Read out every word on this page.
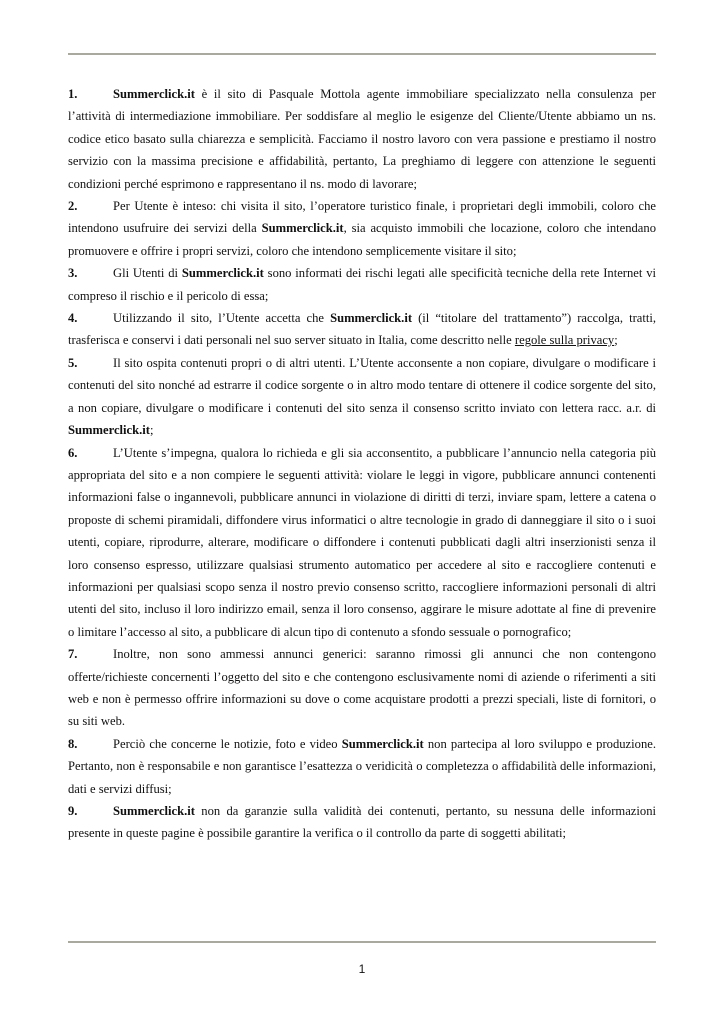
1.	Summerclick.it è il sito di Pasquale Mottola agente immobiliare specializzato nella consulenza per l’attività di intermediazione immobiliare. Per soddisfare al meglio le esigenze del Cliente/Utente abbiamo un ns. codice etico basato sulla chiarezza e semplicità. Facciamo il nostro lavoro con vera passione e prestiamo il nostro servizio con la massima precisione e affidabilità, pertanto, La preghiamo di leggere con attenzione le seguenti condizioni perché esprimono e rappresentano il ns. modo di lavorare;

2.	Per Utente è inteso: chi visita il sito, l’operatore turistico finale, i proprietari degli immobili, coloro che intendono usufruire dei servizi della Summerclick.it, sia acquisto immobili che locazione, coloro che intendano promuovere e offrire i propri servizi, coloro che intendono semplicemente visitare il sito;

3.	Gli Utenti di Summerclick.it sono informati dei rischi legati alle specificità tecniche della rete Internet vi compreso il rischio e il pericolo di essa;

4.	Utilizzando il sito, l’Utente accetta che Summerclick.it (il “titolare del trattamento”) raccolga, tratti, trasferisca e conservi i dati personali nel suo server situato in Italia, come descritto nelle regole sulla privacy;

5.	Il sito ospita contenuti propri o di altri utenti. L’Utente acconsente a non copiare, divulgare o modificare i contenuti del sito nonché ad estrarre il codice sorgente o in altro modo tentare di ottenere il codice sorgente del sito, a non copiare, divulgare o modificare i contenuti del sito senza il consenso scritto inviato con lettera racc. a.r. di Summerclick.it;

6.	L’Utente s’impegna, qualora lo richieda e gli sia acconsentito, a pubblicare l’annuncio nella categoria più appropriata del sito e a non compiere le seguenti attività: violare le leggi in vigore, pubblicare annunci contenenti informazioni false o ingannevoli, pubblicare annunci in violazione di diritti di terzi, inviare spam, lettere a catena o proposte di schemi piramidali, diffondere virus informatici o altre tecnologie in grado di danneggiare il sito o i suoi utenti, copiare, riprodurre, alterare, modificare o diffondere i contenuti pubblicati dagli altri inserzionisti senza il loro consenso espresso, utilizzare qualsiasi strumento automatico per accedere al sito e raccogliere contenuti e informazioni per qualsiasi scopo senza il nostro previo consenso scritto, raccogliere informazioni personali di altri utenti del sito, incluso il loro indirizzo email, senza il loro consenso, aggirare le misure adottate al fine di prevenire o limitare l’accesso al sito, a pubblicare di alcun tipo di contenuto a sfondo sessuale o pornografico;

7.	Inoltre, non sono ammessi annunci generici: saranno rimossi gli annunci che non contengono offerte/richieste concernenti l’oggetto del sito e che contengono esclusivamente nomi di aziende o riferimenti a siti web e non è permesso offrire informazioni su dove o come acquistare prodotti a prezzi speciali, liste di fornitori, o su siti web.

8.	Perciò che concerne le notizie, foto e video Summerclick.it non partecipa al loro sviluppo e produzione. Pertanto, non è responsabile e non garantisce l’esattezza o veridicità o completezza o affidabilità delle informazioni, dati e servizi diffusi;

9.	Summerclick.it non da garanzie sulla validità dei contenuti, pertanto, su nessuna delle informazioni presente in queste pagine è possibile garantire la verifica o il controllo da parte di soggetti abilitati;

1
